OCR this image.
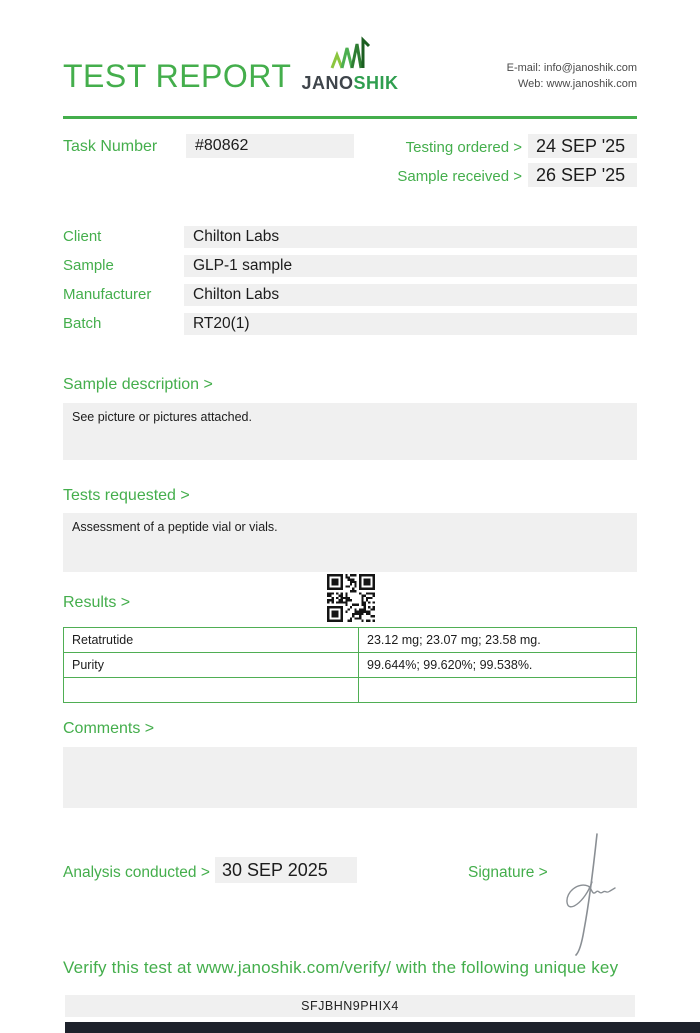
TEST REPORT JANOSHIK
E-mail: info@janoshik.com
Web: www.janoshik.com
Task Number	#80862	Testing ordered > 24 SEP '25
Sample received > 26 SEP '25
Client	Chilton Labs
Sample	GLP-1 sample
Manufacturer	Chilton Labs
Batch	RT20(1)
Sample description >
See picture or pictures attached.
Tests requested >
Assessment of a peptide vial or vials.
Results >
Retatrutide	23.12 mg; 23.07 mg; 23.58 mg.
Purity	99.644%; 99.620%; 99.538%.

Comments >
Analysis conducted > 30 SEP 2025	Signature >
Verify this test at www.janoshik.com/verify/ with the following unique key
SFJBHN9PHIX4
